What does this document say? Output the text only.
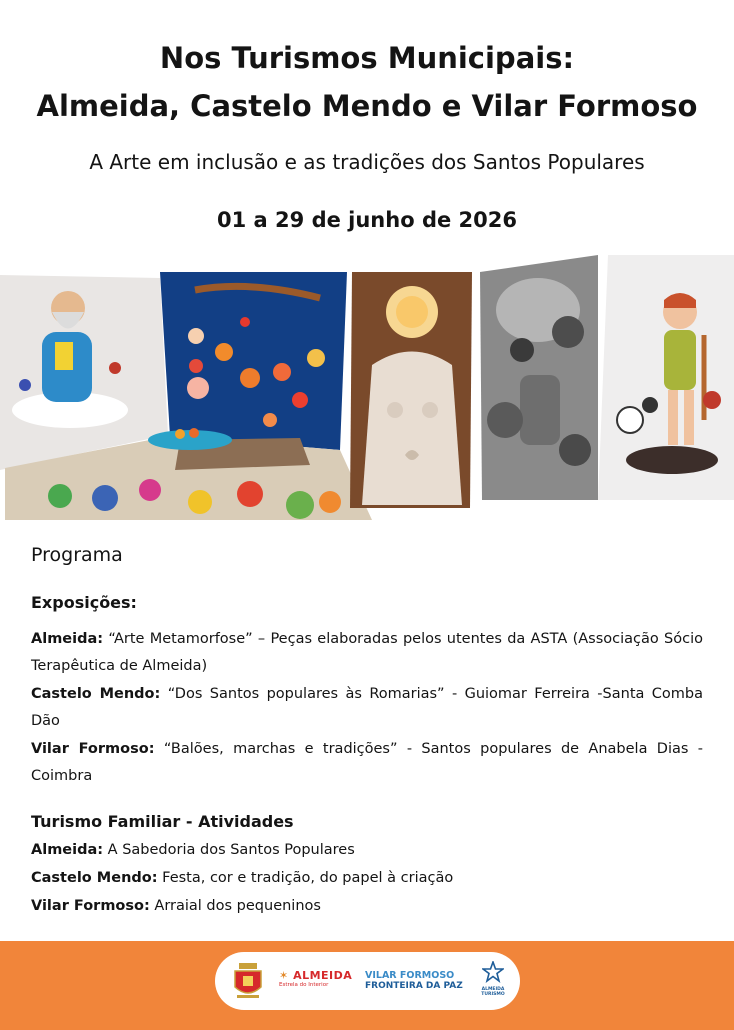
Nos Turismos Municipais:
Almeida, Castelo Mendo e Vilar Formoso
A Arte em inclusão e as tradições dos Santos Populares
01 a 29 de junho de 2026
Programa
Exposições:

Almeida: “Arte Metamorfose” – Peças elaboradas pelos utentes da ASTA (Associação Sócio Terapêutica de Almeida)

Castelo Mendo: “Dos Santos populares às Romarias” - Guiomar Ferreira -Santa Comba Dão

Vilar Formoso: “Balões, marchas e tradições” - Santos populares de Anabela Dias - Coimbra

Turismo Familiar - Atividades

Almeida: A Sabedoria dos Santos Populares

Castelo Mendo: Festa, cor e tradição, do papel à criação

Vilar Formoso: Arraial dos pequeninos

✶ ALMEIDA
Estrela do Interior
VILAR FORMOSO
FRONTEIRA DA PAZ	ALMEIDA TURISMO
